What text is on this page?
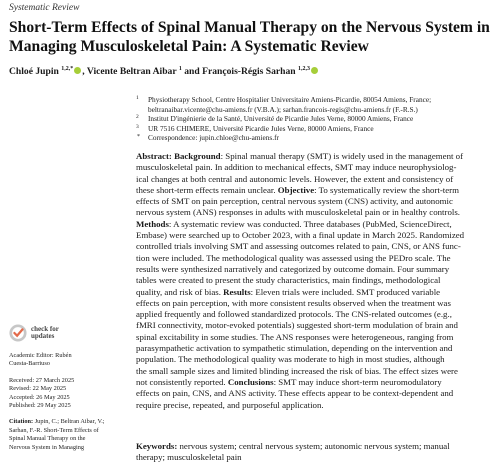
Systematic Review
Short-Term Effects of Spinal Manual Therapy on the Nervous System in Managing Musculoskeletal Pain: A Systematic Review
Chloé Jupin $^{1,2,*}$ , Vicente Beltran Aibar $^1$ and François-Régis Sarhan $^{1,2,3}$
1 Physiotherapy School, Centre Hospitalier Universitaire Amiens-Picardie, 80054 Amiens, France;
beltranaibar.vicente@chu-amiens.fr (V.B.A.); sarhan.francois-regis@chu-amiens.fr (F.-R.S.)
2 Institut D'ingénierie de la Santé, Université de Picardie Jules Verne, 80000 Amiens, France
3 UR 7516 CHIMERE, Université Picardie Jules Verne, 80000 Amiens, France
* Correspondence: jupin.chloe@chu-amiens.fr
Abstract: Background: Spinal manual therapy (SMT) is widely used in the management of
musculoskeletal pain. In addition to mechanical effects, SMT may induce neurophysiolog-
ical changes at both central and autonomic levels. However, the extent and consistency of
these short-term effects remain unclear. Objective: To systematically review the short-term
effects of SMT on pain perception, central nervous system (CNS) activity, and autonomic
nervous system (ANS) responses in adults with musculoskeletal pain or in healthy controls.
Methods: A systematic review was conducted. Three databases (PubMed, ScienceDirect,
Embase) were searched up to October 2023, with a final update in March 2025. Randomized
controlled trials involving SMT and assessing outcomes related to pain, CNS, or ANS func-
tion were included. The methodological quality was assessed using the PEDro scale. The
results were synthesized narratively and categorized by outcome domain. Four summary
tables were created to present the study characteristics, main findings, methodological
quality, and risk of bias. Results: Eleven trials were included. SMT produced variable
effects on pain perception, with more consistent results observed when the treatment was
applied frequently and followed standardized protocols. The CNS-related outcomes (e.g.,
fMRI connectivity, motor-evoked potentials) suggested short-term modulation of brain and
spinal excitability in some studies. The ANS responses were heterogeneous, ranging from
parasympathetic activation to sympathetic stimulation, depending on the intervention and
population. The methodological quality was moderate to high in most studies, although
the small sample sizes and limited blinding increased the risk of bias. The effect sizes were
not consistently reported. Conclusions: SMT may induce short-term neuromodulatory
effects on pain, CNS, and ANS activity. These effects appear to be context-dependent and
require precise, repeated, and purposeful application.
Keywords: nervous system; central nervous system; autonomic nervous system; manual
therapy; musculoskeletal pain
check for
updates
Academic Editor: Rubén
Cuesta-Barriuso
Received: 27 March 2025
Revised: 22 May 2025
Accepted: 26 May 2025
Published: 29 May 2025
Citation: Jupin, C.; Beltran Aibar, V.;
Sarhan, F.-R. Short-Term Effects of
Spinal Manual Therapy on the
Nervous System in Managing
